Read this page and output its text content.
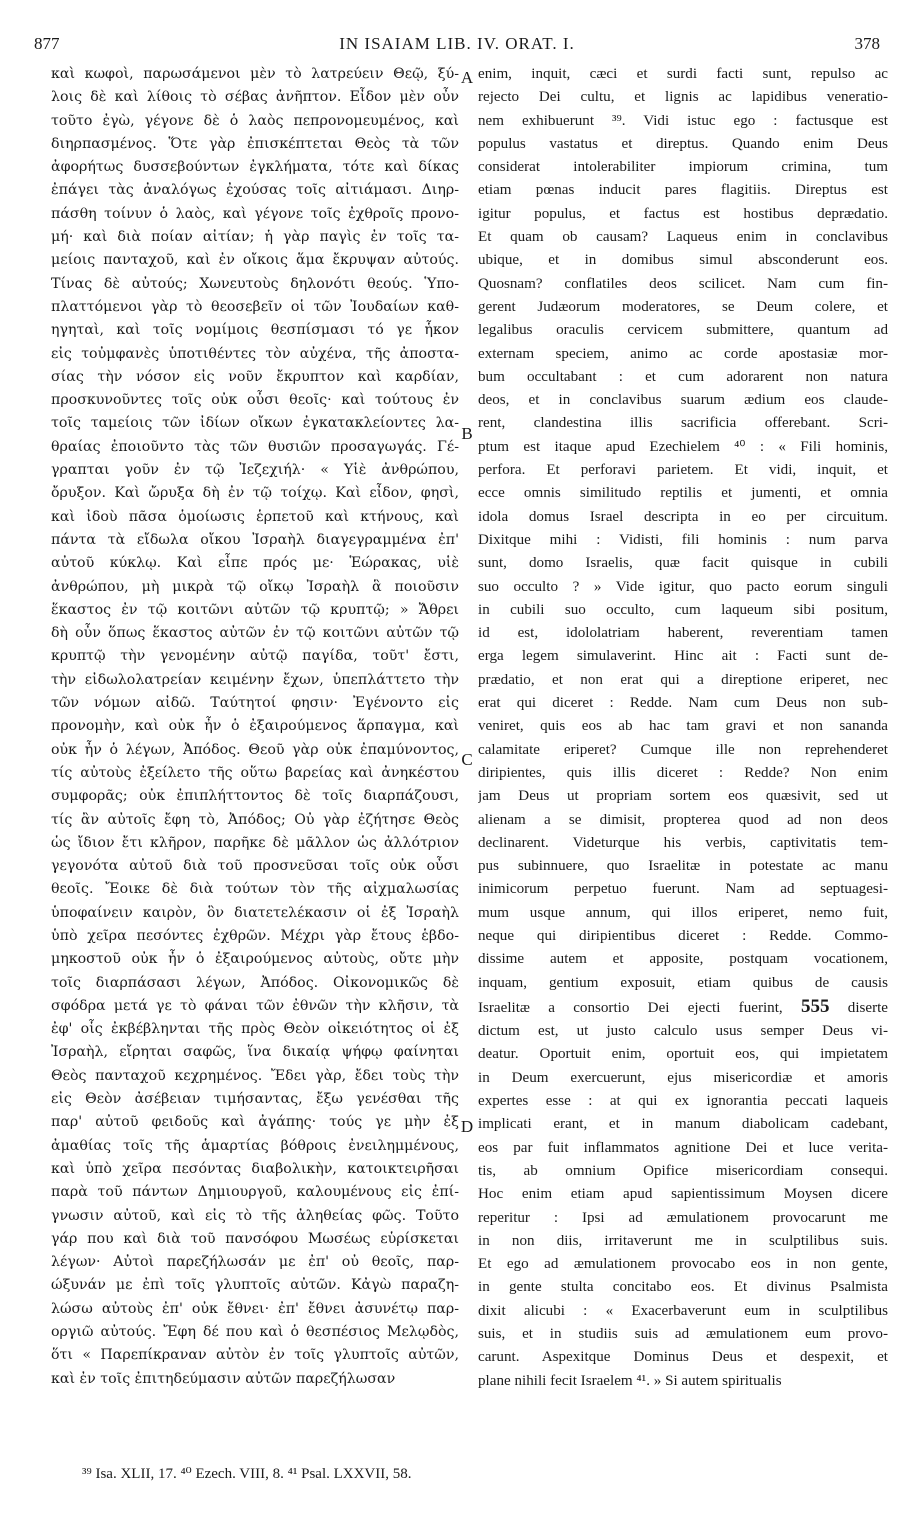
877	IN ISAIAM LIB. IV. ORAT. I.	378
καὶ κωφοὶ, παρωσάμενοι μὲν τὸ λατρεύειν Θεῷ, ξύ-
λοις δὲ καὶ λίθοις τὸ σέβας ἀνῆπτον. Εἶδον μὲν οὖν
τοῦτο ἐγὼ, γέγονε δὲ ὁ λαὸς πεπρονομευμένος, καὶ
διηρπασμένος. Ὅτε γὰρ ἐπισκέπτεται Θεὸς τὰ τῶν
ἀφορήτως δυσσεβούντων ἐγκλήματα, τότε καὶ δίκας
ἐπάγει τὰς ἀναλόγως ἐχούσας τοῖς αἰτιάμασι. Διηρ-
πάσθη τοίνυν ὁ λαὸς, καὶ γέγονε τοῖς ἐχθροῖς προνο-
μή· καὶ διὰ ποίαν αἰτίαν; ἡ γὰρ παγὶς ἐν τοῖς τα-
μείοις πανταχοῦ, καὶ ἐν οἴκοις ἅμα ἔκρυψαν αὐτούς.
Τίνας δὲ αὐτούς; Χωνευτοὺς δηλονότι θεούς. Ὑπο-
πλαττόμενοι γὰρ τὸ θεοσεβεῖν οἱ τῶν Ἰουδαίων καθ-
ηγηταὶ, καὶ τοῖς νομίμοις θεσπίσμασι τό γε ἧκον
εἰς τοὐμφανὲς ὑποτιθέντες τὸν αὐχένα, τῆς ἀποστα-
σίας τὴν νόσον εἰς νοῦν ἔκρυπτον καὶ καρδίαν,
προσκυνοῦντες τοῖς οὐκ οὖσι θεοῖς· καὶ τούτους ἐν
τοῖς ταμείοις τῶν ἰδίων οἴκων ἐγκατακλείοντες λα-
θραίας ἐποιοῦντο τὰς τῶν θυσιῶν προσαγωγάς. Γέ-
γραπται γοῦν ἐν τῷ Ἰεζεχιήλ· « Υἱὲ ἀνθρώπου,
ὄρυξον. Καὶ ὤρυξα δὴ ἐν τῷ τοίχῳ. Καὶ εἶδον, φησὶ,
καὶ ἰδοὺ πᾶσα ὁμοίωσις ἑρπετοῦ καὶ κτήνους, καὶ
πάντα τὰ εἴδωλα οἴκου Ἰσραὴλ διαγεγραμμένα ἐπ'
αὐτοῦ κύκλῳ. Καὶ εἶπε πρός με· Ἑώρακας, υἱὲ
ἀνθρώπου, μὴ μικρὰ τῷ οἴκῳ Ἰσραὴλ ἃ ποιοῦσιν
ἕκαστος ἐν τῷ κοιτῶνι αὐτῶν τῷ κρυπτῷ; » Ἄθρει
δὴ οὖν ὅπως ἕκαστος αὐτῶν ἐν τῷ κοιτῶνι αὐτῶν τῷ
κρυπτῷ τὴν γενομένην αὐτῷ παγίδα, τοῦτ' ἔστι,
τὴν εἰδωλολατρείαν κειμένην ἔχων, ὑπεπλάττετο τὴν
τῶν νόμων αἰδῶ. Ταύτητοί φησιν· Ἐγένοντο εἰς
προνομὴν, καὶ οὐκ ἦν ὁ ἐξαιρούμενος ἅρπαγμα, καὶ
οὐκ ἦν ὁ λέγων, Ἀπόδος. Θεοῦ γὰρ οὐκ ἐπαμύνοντος,
τίς αὐτοὺς ἐξείλετο τῆς οὕτω βαρείας καὶ ἀνηκέστου
συμφορᾶς; οὐκ ἐπιπλήττοντος δὲ τοῖς διαρπάζουσι,
τίς ἂν αὐτοῖς ἔφη τὸ, Ἀπόδος; Οὐ γὰρ ἐζήτησε Θεὸς
ὡς ἴδιον ἔτι κλῆρον, παρῆκε δὲ μᾶλλον ὡς ἀλλότριον
γεγονότα αὐτοῦ διὰ τοῦ προσνεῦσαι τοῖς οὐκ οὖσι
θεοῖς. Ἔοικε δὲ διὰ τούτων τὸν τῆς αἰχμαλωσίας
ὑποφαίνειν καιρὸν, ὃν διατετελέκασιν οἱ ἐξ Ἰσραὴλ
ὑπὸ χεῖρα πεσόντες ἐχθρῶν. Μέχρι γὰρ ἔτους ἑβδο-
μηκοστοῦ οὐκ ἦν ὁ ἐξαιρούμενος αὐτοὺς, οὔτε μὴν
τοῖς διαρπάσασι λέγων, Ἀπόδος. Οἰκονομικῶς δὲ
σφόδρα μετά γε τὸ φάναι τῶν ἐθνῶν τὴν κλῆσιν, τὰ
ἐφ' οἷς ἐκβέβληνται τῆς πρὸς Θεὸν οἰκειότητος οἱ ἐξ
Ἰσραὴλ, εἴρηται σαφῶς, ἵνα δικαίᾳ ψήφῳ φαίνηται
Θεὸς πανταχοῦ κεχρημένος. Ἔδει γὰρ, ἔδει τοὺς τὴν
εἰς Θεὸν ἀσέβειαν τιμήσαντας, ἔξω γενέσθαι τῆς
παρ' αὐτοῦ φειδοῦς καὶ ἀγάπης· τούς γε μὴν ἐξ
ἀμαθίας τοῖς τῆς ἁμαρτίας βόθροις ἐνειλημμένους,
καὶ ὑπὸ χεῖρα πεσόντας διαβολικὴν, κατοικτειρῆσαι
παρὰ τοῦ πάντων Δημιουργοῦ, καλουμένους εἰς ἐπί-
γνωσιν αὐτοῦ, καὶ εἰς τὸ τῆς ἀληθείας φῶς. Τοῦτο
γάρ που καὶ διὰ τοῦ πανσόφου Μωσέως εὑρίσκεται
λέγων· Αὐτοὶ παρεζήλωσάν με ἐπ' οὐ θεοῖς, παρ-
ώξυνάν με ἐπὶ τοῖς γλυπτοῖς αὐτῶν. Κἀγὼ παραζη-
λώσω αὐτοὺς ἐπ' οὐκ ἔθνει· ἐπ' ἔθνει ἀσυνέτῳ παρ-
οργιῶ αὐτούς. Ἔφη δέ που καὶ ὁ θεσπέσιος Μελῳδὸς,
ὅτι « Παρεπίκραναν αὐτὸν ἐν τοῖς γλυπτοῖς αὐτῶν,
καὶ ἐν τοῖς ἐπιτηδεύμασιν αὐτῶν παρεζήλωσαν
A
B
C
D
enim, inquit, cæci et surdi facti sunt, repulso ac
rejecto Dei cultu, et lignis ac lapidibus veneratio-
nem exhibuerunt ³⁹. Vidi istuc ego : factusque est
populus vastatus et direptus. Quando enim Deus
considerat intolerabiliter impiorum crimina, tum
etiam pœnas inducit pares flagitiis. Direptus est
igitur populus, et factus est hostibus deprædatio.
Et quam ob causam? Laqueus enim in conclavibus
ubique, et in domibus simul absconderunt eos.
Quosnam? conflatiles deos scilicet. Nam cum fin-
gerent Judæorum moderatores, se Deum colere, et
legalibus oraculis cervicem submittere, quantum ad
externam speciem, animo ac corde apostasiæ mor-
bum occultabant : et cum adorarent non natura
deos, et in conclavibus suarum ædium eos claude-
rent, clandestina illis sacrificia offerebant. Scri-
ptum est itaque apud Ezechielem ⁴⁰ : « Fili hominis,
perfora. Et perforavi parietem. Et vidi, inquit, et
ecce omnis similitudo reptilis et jumenti, et omnia
idola domus Israel descripta in eo per circuitum.
Dixitque mihi : Vidisti, fili hominis : num parva
sunt, domo Israelis, quæ facit quisque in cubili
suo occulto ? » Vide igitur, quo pacto eorum singuli
in cubili suo occulto, cum laqueum sibi positum,
id est, idololatriam haberent, reverentiam tamen
erga legem simulaverint. Hinc ait : Facti sunt de-
prædatio, et non erat qui a direptione eriperet, nec
erat qui diceret : Redde. Nam cum Deus non sub-
veniret, quis eos ab hac tam gravi et non sananda
calamitate eriperet? Cumque ille non reprehenderet
diripientes, quis illis diceret : Redde? Non enim
jam Deus ut propriam sortem eos quæsivit, sed ut
alienam a se dimisit, propterea quod ad non deos
declinarent. Videturque his verbis, captivitatis tem-
pus subinnuere, quo Israelitæ in potestate ac manu
inimicorum perpetuo fuerunt. Nam ad septuagesi-
mum usque annum, qui illos eriperet, nemo fuit,
neque qui diripientibus diceret : Redde. Commo-
dissime autem et apposite, postquam vocationem,
inquam, gentium exposuit, etiam quibus de causis
Israelitæ a consortio Dei ejecti fuerint, 555 diserte
dictum est, ut justo calculo usus semper Deus vi-
deatur. Oportuit enim, oportuit eos, qui impietatem
in Deum exercuerunt, ejus misericordiæ et amoris
expertes esse : at qui ex ignorantia peccati laqueis
implicati erant, et in manum diabolicam cadebant,
eos par fuit inflammatos agnitione Dei et luce verita-
tis, ab omnium Opifice misericordiam consequi.
Hoc enim etiam apud sapientissimum Moysen dicere
reperitur : Ipsi ad æmulationem provocarunt me
in non diis, irritaverunt me in sculptilibus suis.
Et ego ad æmulationem provocabo eos in non gente,
in gente stulta concitabo eos. Et divinus Psalmista
dixit alicubi : « Exacerbaverunt eum in sculptilibus
suis, et in studiis suis ad æmulationem eum provo-
carunt. Aspexitque Dominus Deus et despexit, et
plane nihili fecit Israelem ⁴¹. » Si autem spiritualis
³⁹ Isa. XLII, 17. ⁴⁰ Ezech. VIII, 8. ⁴¹ Psal. LXXVII, 58.
